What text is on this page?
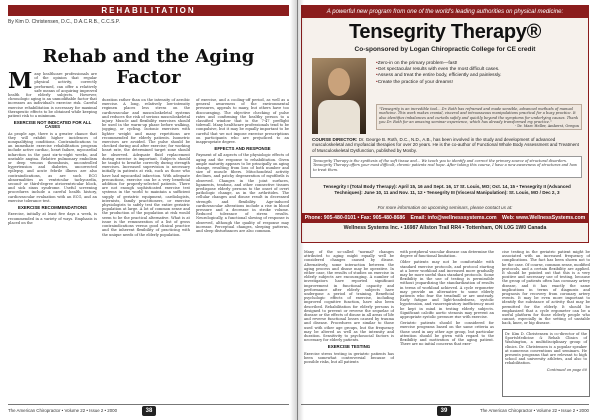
REHABILITATION
By Kim D. Christensen, D.C., D.A.C.R.B., C.C.S.P.
Rehab and the Aging Factor

Many healthcare professionals are of the opinion that regular physical activity, correctly performed, can offer a relatively safe means of acquiring improved health for elderly subjects. However, chronologic aging is an unmodifiable factor that increases an individual's exercise risk. Careful exercise rehabilitation is necessary for maximal therapeutic effects to be obtained while keeping patient risk to a minimum.

EXERCISE NOT INDICATED FOR ALL CASES

As people age, there is a greater chance that they will exhibit higher incidences of nonqualifying conditions. Contraindications to an immediate exercise rehabilitation program include active cardiac, heart failure, myocardial infarction in the past six-to-eight weeks, and unstable angina. Relative pulmonary embolism or deep venous thrombosis, uncontrolled hypertension and diabetes, uncorrected epilepsy, and acute febrile illness are also contraindications, as are such ECG abnormalities as ventricular tachycardia, second- or third-degree atrioventricular block, and sick sinus syndrome. Useful screening procedures include a careful health history, cardiovascular evaluation with an ECG, and an exercise tolerance test.

EXERCISE RECOMMENDATIONS

Exercise, initially at least five days a week, is recommended in a variety of ways. Emphasis is placed on the

duration rather than on the intensity of aerobic exercise. A long, relatively low-intensity regimen places less stress on the cardiovascular and musculoskeletal systems and reduces the risk of serious musculoskeletal injury. Muscle and flexibility exercises should be used in the warm-up phase before walking, jogging, or cycling. Isotonic exercises with lighter weight and many repetitions are recommended for elderly patients. Isometric exercises are avoided. The pulse should be checked during and after exercise; for working heart rate, the determined target zone should be observed. Adequate fluid replacement during exercise is important. Subjects should be taught to breathe correctly during strength exercises. Increased supervision is necessary initially in patients at risk, such as those who have had myocardial infarction. With adequate precautions, exercise can be a very beneficial addition for properly-selected patients. There are not enough sophisticated exercise test systems in the world to maintain a sufficient supply of geriatric equipment, cardiologists, internists, family practitioners, or exercise physiologists to safely test the entire geriatric population at large. A lot of common sense and the production of the population at risk would seem to be the practical alternative. What is at issue is the remuneration of a list of gross contraindications versus good clinical practice and the inherent flexibility of practicing with the unique needs of the elderly population.

of exercise, and a cooling-off period, as well as a general awareness of the environmental pressures, appeals to many, but others have too discouraging. The objective checking of pulse rates and confirming the healthy person to a classified window that is the 7-47 preflight tidewall. Many healthcare professionals tend to be compulsive, but it may be equally important to be careful that we not impose exercise prescriptions on participants who are prejudiced to an inappropriate degree.

EFFECTS AND RESPONSE

Payment of all aspects of the physiologic effects of aging and the response to rehabilitation. Given ample maturity appears to be principally on aging change, resulting from loss of both number and size of muscle fibers. Mitochondrial activity declines, and patchy degeneration of myofibrils is observed. Changes in the joint surfaces, ligaments, tendons, and other connective tissues predispose elderly persons to the onset of overt pathologic change, as in the arthritides. The cellular changes and disuse result in decreased strength and flexibility. Age-induced cardiovascular alterations include a rise in blood pressure and a decrease in stroke volume. Reduced tolerance of stress results. Neurologically, a functional slowing of response is observed, although the quality of response may increase. Perceptual changes, sleeping patterns, and sleep disturbances are also common.

The American Chiropractor • Volume 22 • Issue 2 • 2000	38
A powerful new program from one of the world's leading authorities on physical medicine:
Tensegrity Therapy®
Co-sponsored by Logan Chiropractic College for CE credit
• Zero-in on the primary problem—fast!
• Get spectacular results with even the most difficult cases.
• Assess and treat the entire body, efficiently and painlessly.
• Create the practice of your dreams!
"Tensegrity is an incredible tool... Dr. Roth has reframed and made sensible, advanced methods of manual medicine. This work makes cranial, visceral and intraosseous manipulations practical for a busy practice. It also identifies imbalances and curtails safely and quickly beyond the symptoms for underlying causes. Thank you Dr. Roth for an amazing seminar experience, which has already transformed my practice."
- Dr. Marc Heller, Amherst, Oregon
COURSE DIRECTOR: Dr. George B. Roth, D.C., N.D., A.B., has been involved in the study and development of advanced musculoskeletal and myofascial therapies for over 20 years. He is the co-author of Functional Whole Body Assessment and Treatment of Musculoskeletal Dysfunction, published by Mosby.
Tensegrity Therapy is the synthesis of the soft tissue and... We teach you to identify and correct the primary source of structural disorders. Tensegrity Therapy offers your most difficult, chronic patients real hope. After taking this course, I have a new awareness of structures and how to treat them.
Tensegrity I (Total Body Therapy): April 15, 16 and Sept. 16, 17 St. Louis, MO; Oct. 14, 15 • Tensegrity II (Advanced
Techniques): June 10, 11 and Nov. 11, 12 • Tensegrity III (Visceral Manipulation): St. Louis, MO / Dec 2, 3
For more information on upcoming seminars, please contact us at:
Phone: 905-480-0101 • Fax: 905-480-8686 Email: info@wellnesssystems.com Web: www.WellnessSystems.com
Wellness Systems Inc. • 16987 Allston Trail RR4 • Tottenham, ON L0G 1W0 Canada

Many of the so-called "normal" changes attributed to aging might equally well be considered changes caused by disuse. Alternatively, some interaction between the aging process and disuse may be operative. In either case, the results of studies on exercise in elderly subjects are encouraging. A number of investigators have reported significant improvement in functional capacity and performance after elderly subjects have undergone a period of training. Beneficial psychologic effects of exercise, including improved cognitive function, have also been described. Rehabilitation for elderly persons is designed to prevent or reverse the sequelae of disease or the effects of disuse in all areas of life and reverse functional losses caused by trauma and disease. Procedures are similar to those used with other age groups, but the frequency may be altered as well as the intensity and duration. Sensitivity to psychosocial factors is necessary for elderly patients.

EXERCISE TESTING

Exercise stress testing in geriatric patients has been somewhat controversial because of possible risks, but all patients

with peripheral vascular disease can determine the degree of functional limitation.

Older patients may not be comfortable with standard exercise protocols, and protocol starting at a lower workload and increased more gradually may be more useful than standard protocols. Some flexibility in the use of testing is permissible without jeopardizing the standardization of results in terms of workload achieved. A cycle ergometer may provide an alternative to some elderly patients who fear the treadmill or are unsteady. Early fatigue and light-headedness, systolic hypotension, and vasorespiratory inefficiency must be kept in mind in testing elderly subjects. Significant calcific aortic stenosis may prevent an appropriate systolic pressure rise with exercise.

Geriatric patients should be considered for exercise programs based on the same criteria as those used in any other age group, but particular attention should be given with regard to the flexibility and motivation of the aging patient. There are no initial concerns that exer-

cise testing in the geriatric patient might be associated with an increased frequency of complications. The fact has been shown not to be the case. Of course, common sense, modified protocols, and a certain flexibility are applied. It should be pointed out that this is a very positive and necessary use of testing, because the group of patients often has coronary artery disease, and it has exactly the same implications in terms of diagnosis and prognosis for recovery from coronary artery events. It may be even more important to identify the substance of activity that may be permitted for the elderly. It should be emphasized that a cycle ergometer can be a useful platform for those elderly people who cannot, especially in the setting of unstable back, knee, or hip disease.

Dr. Kim D. Christensen is co-director of the SportsMedicine & Rehab Clinics of Washington, a multidisciplinary group of clinics. Dr. Christensen is a popular speaker at numerous conventions and seminars. He presents programs that are relevant to high school and university athletes, and also to rehabilitation.
Continued on page 60
The American Chiropractor • Volume 22 • Issue 2 • 2000
39
